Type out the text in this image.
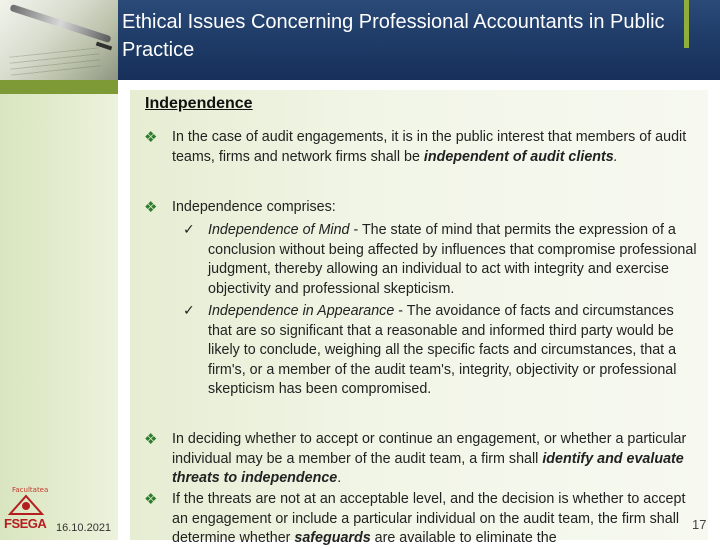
Ethical Issues Concerning Professional Accountants in Public Practice
Independence
❖ In the case of audit engagements, it is in the public interest that members of audit teams, firms and network firms shall be independent of audit clients.
❖ Independence comprises:
✓ Independence of Mind - The state of mind that permits the expression of a conclusion without being affected by influences that compromise professional judgment, thereby allowing an individual to act with integrity and exercise objectivity and professional skepticism.
✓ Independence in Appearance - The avoidance of facts and circumstances that are so significant that a reasonable and informed third party would be likely to conclude, weighing all the specific facts and circumstances, that a firm's, or a member of the audit team's, integrity, objectivity or professional skepticism has been compromised.
❖ In deciding whether to accept or continue an engagement, or whether a particular individual may be a member of the audit team, a firm shall identify and evaluate threats to independence.
❖ If the threats are not at an acceptable level, and the decision is whether to accept an engagement or include a particular individual on the audit team, the firm shall determine whether safeguards are available to eliminate the
Facultatea
FSEGA 16.10.2021	17
